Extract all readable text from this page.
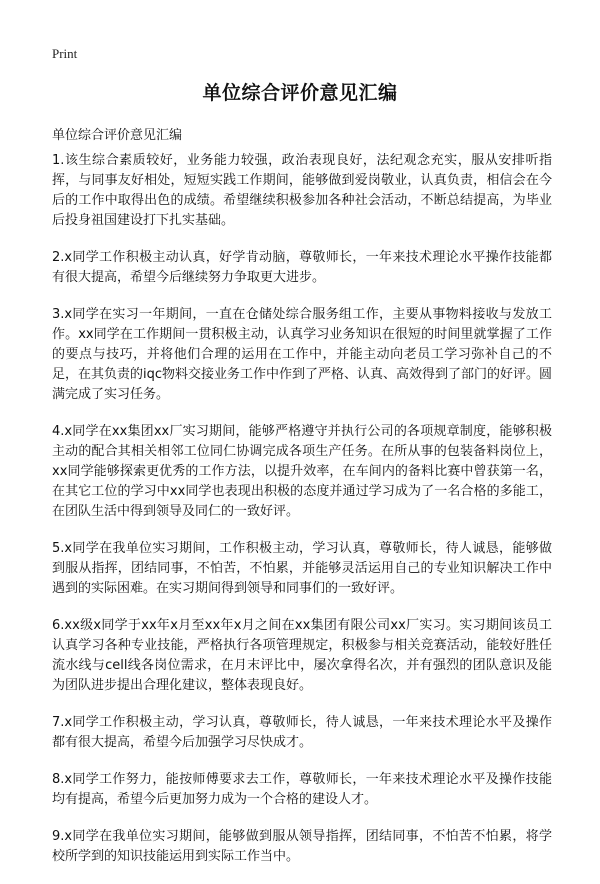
Print
单位综合评价意见汇编
单位综合评价意见汇编

1.该生综合素质较好，业务能力较强，政治表现良好，法纪观念充实，服从安排听指挥，与同事友好相处，短短实践工作期间，能够做到爱岗敬业，认真负责，相信会在今后的工作中取得出色的成绩。希望继续积极参加各种社会活动，不断总结提高，为毕业后投身祖国建设打下扎实基础。

2.x同学工作积极主动认真，好学肯动脑，尊敬师长，一年来技术理论水平操作技能都有很大提高，希望今后继续努力争取更大进步。

3.x同学在实习一年期间，一直在仓储处综合服务组工作，主要从事物料接收与发放工作。xx同学在工作期间一贯积极主动，认真学习业务知识在很短的时间里就掌握了工作的要点与技巧，并将他们合理的运用在工作中，并能主动向老员工学习弥补自己的不足，在其负责的iqc物料交接业务工作中作到了严格、认真、高效得到了部门的好评。圆满完成了实习任务。

4.x同学在xx集团xx厂实习期间，能够严格遵守并执行公司的各项规章制度，能够积极主动的配合其相关相邻工位同仁协调完成各项生产任务。在所从事的包装备料岗位上，xx同学能够探索更优秀的工作方法，以提升效率，在车间内的备料比赛中曾获第一名，在其它工位的学习中xx同学也表现出积极的态度并通过学习成为了一名合格的多能工，在团队生活中得到领导及同仁的一致好评。

5.x同学在我单位实习期间，工作积极主动，学习认真，尊敬师长，待人诚恳，能够做到服从指挥，团结同事，不怕苦，不怕累，并能够灵活运用自己的专业知识解决工作中遇到的实际困难。在实习期间得到领导和同事们的一致好评。

6.xx级x同学于xx年x月至xx年x月之间在xx集团有限公司xx厂实习。实习期间该员工认真学习各种专业技能，严格执行各项管理规定，积极参与相关竞赛活动，能较好胜任流水线与cell线各岗位需求，在月末评比中，屡次拿得名次，并有强烈的团队意识及能为团队进步提出合理化建议，整体表现良好。

7.x同学工作积极主动，学习认真，尊敬师长，待人诚恳，一年来技术理论水平及操作都有很大提高，希望今后加强学习尽快成才。

8.x同学工作努力，能按师傅要求去工作，尊敬师长，一年来技术理论水平及操作技能均有提高，希望今后更加努力成为一个合格的建设人才。

9.x同学在我单位实习期间，能够做到服从领导指挥，团结同事，不怕苦不怕累，将学校所学到的知识技能运用到实际工作当中。
